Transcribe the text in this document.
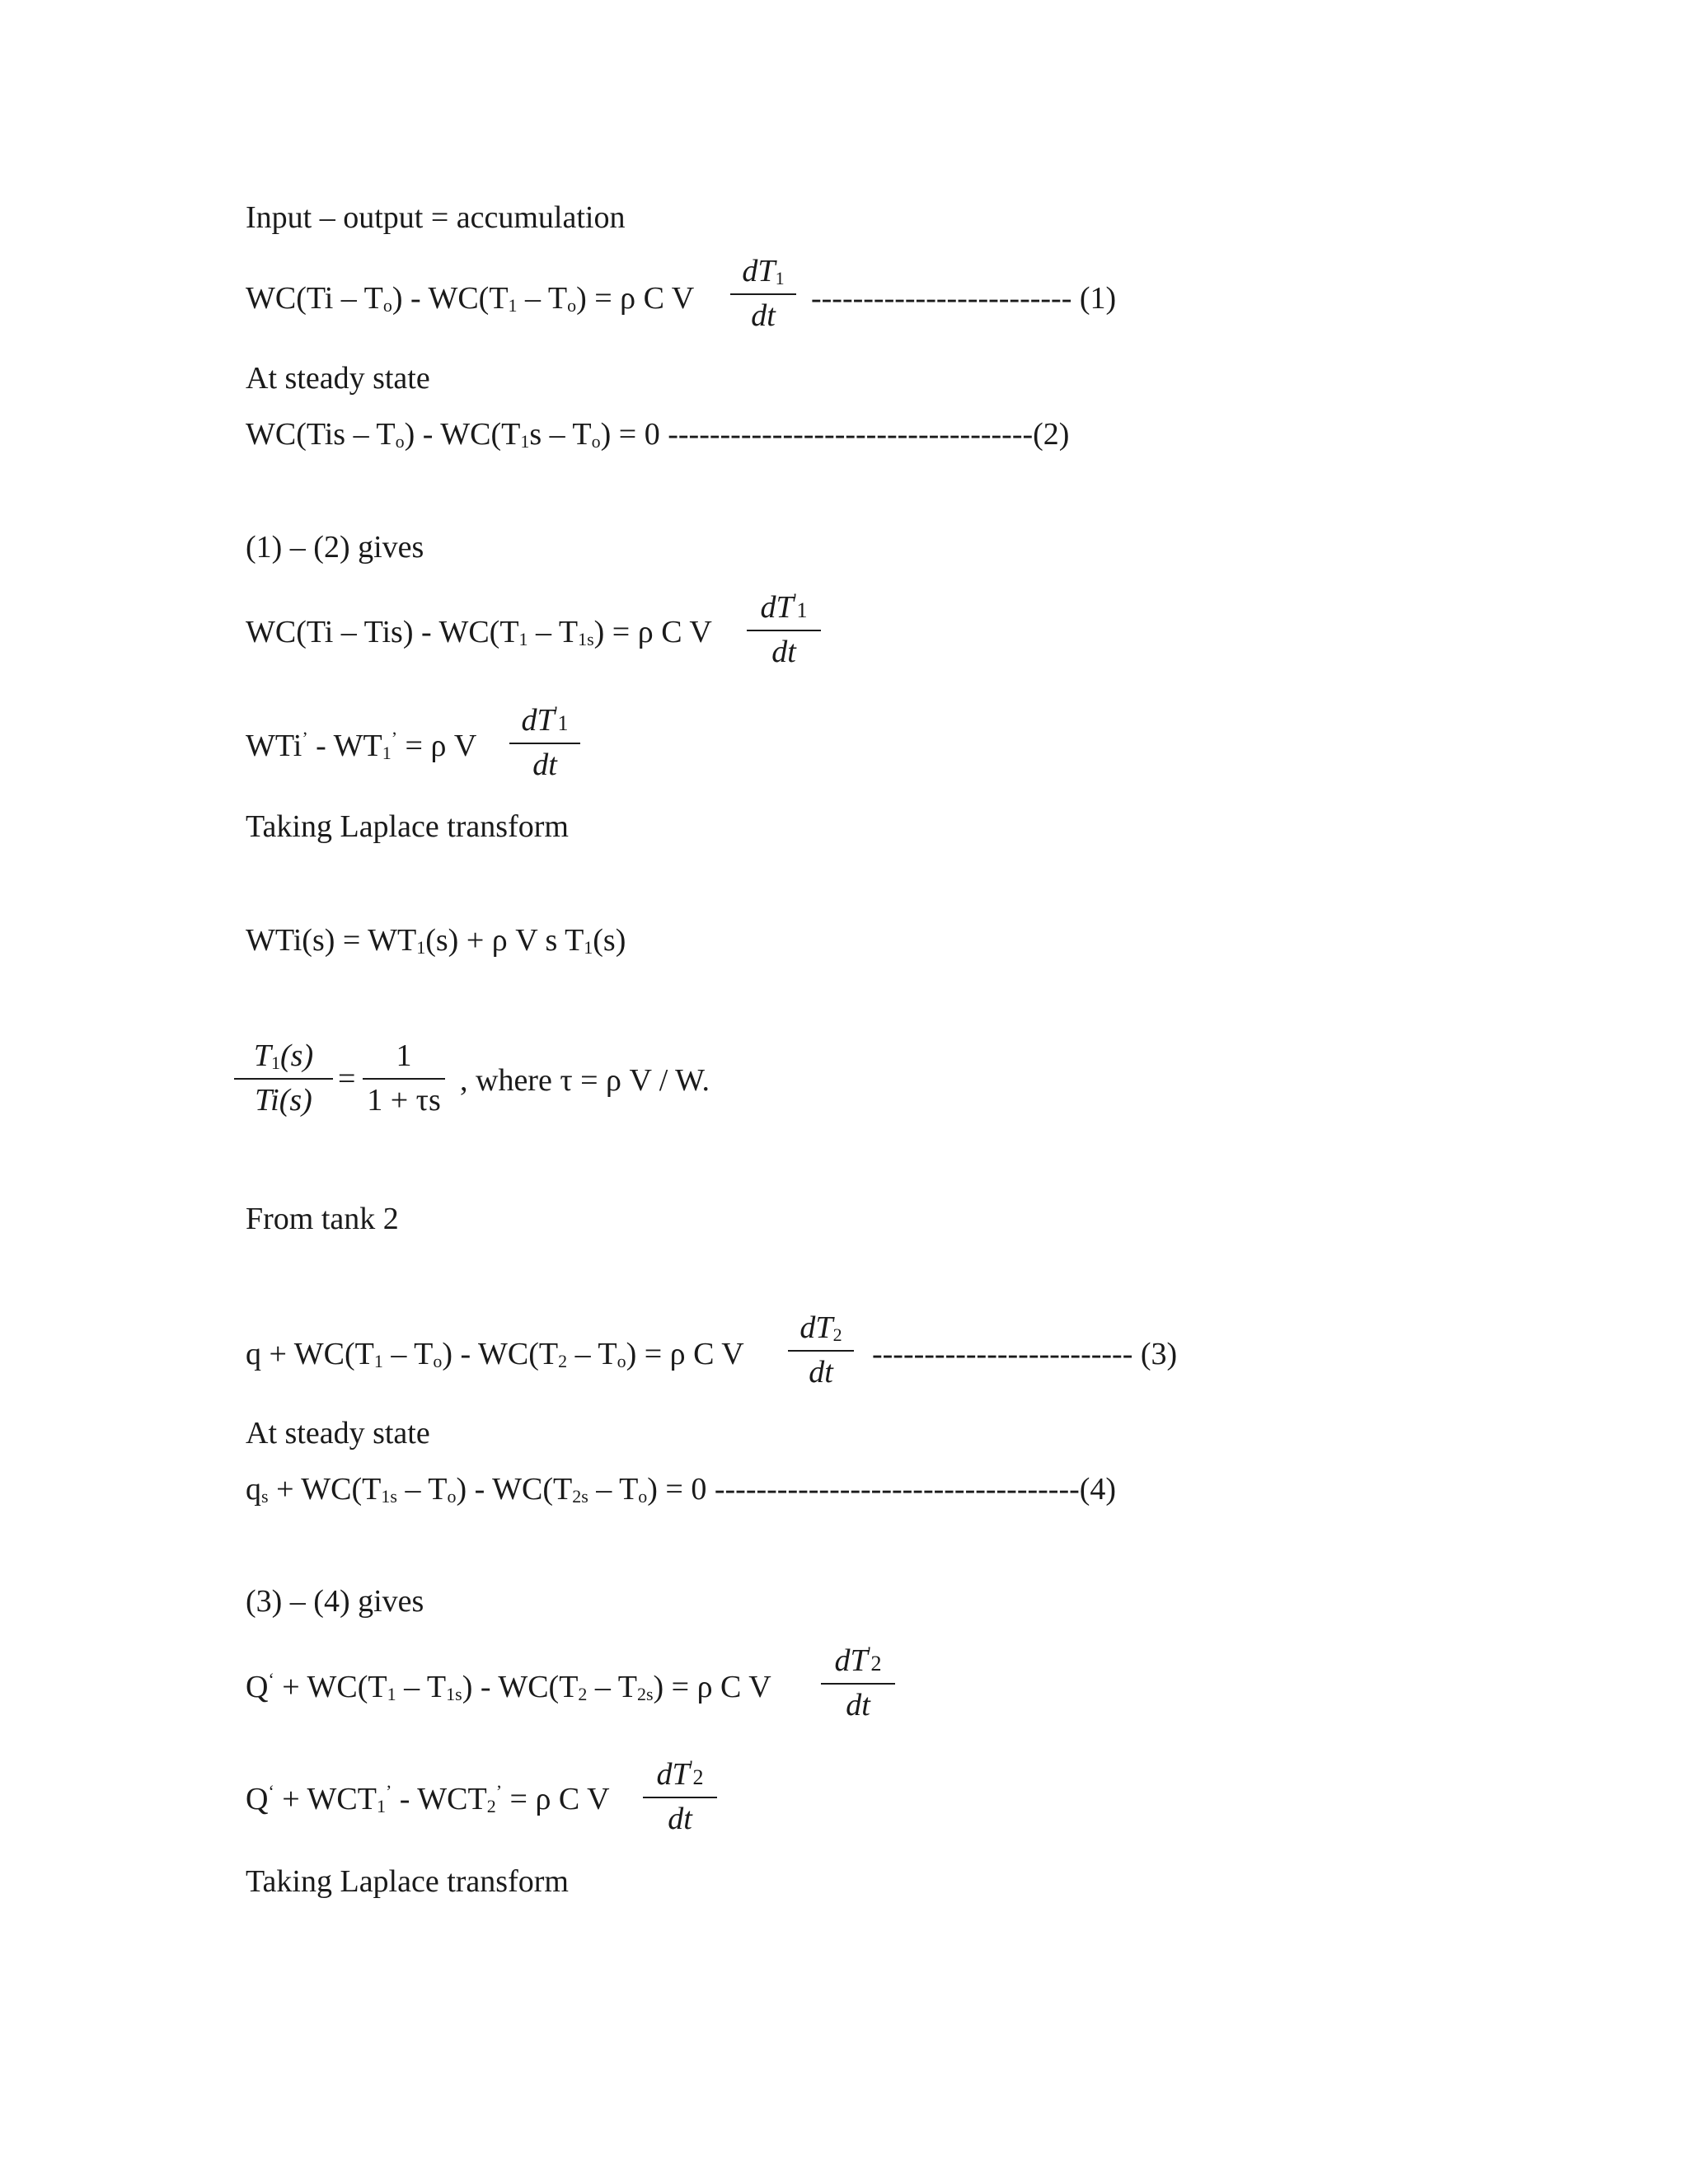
Input – output = accumulation
$WC(Ti - T_o) - WC(T_1 - T_o) = \rho$ C V
$dT_1$
dt	------------------------- (1)
At steady state
$WC(Tis - T_o) - WC(T_1s - T_o) = 0$ -----------------------------------(2)
(1) – (2) gives
$WC(Ti - Tis) - WC(T_1 - T_{1s}) = \rho$ C V
dT'1
dt
$WTi^’ - WT_1^’ = \rho$ V
dT'1
dt
Taking Laplace transform
$WTi(s) = WT_1(s) + \rho$ V s $T_1(s)$
$T_1(s)$
Ti(s)
=
1
1 + τs
, where τ = ρ V / W.
From tank 2
$q + WC(T_1 - T_o) - WC(T_2 - T_o) = \rho$ C V
$dT_2$
dt
------------------------- (3)
At steady state
$q_s + WC(T_{1s} - T_o) - WC(T_{2s} - T_o) = 0$ -----------------------------------(4)
(3) – (4) gives
$Q^‘ + WC(T_1 - T_{1s}) - WC(T_2 - T_{2s}) = \rho$ C V
dT'2
dt
$Q^‘ + WCT_1^’ - WCT_2^’ = \rho$ C V
dT'2
dt
Taking Laplace transform
